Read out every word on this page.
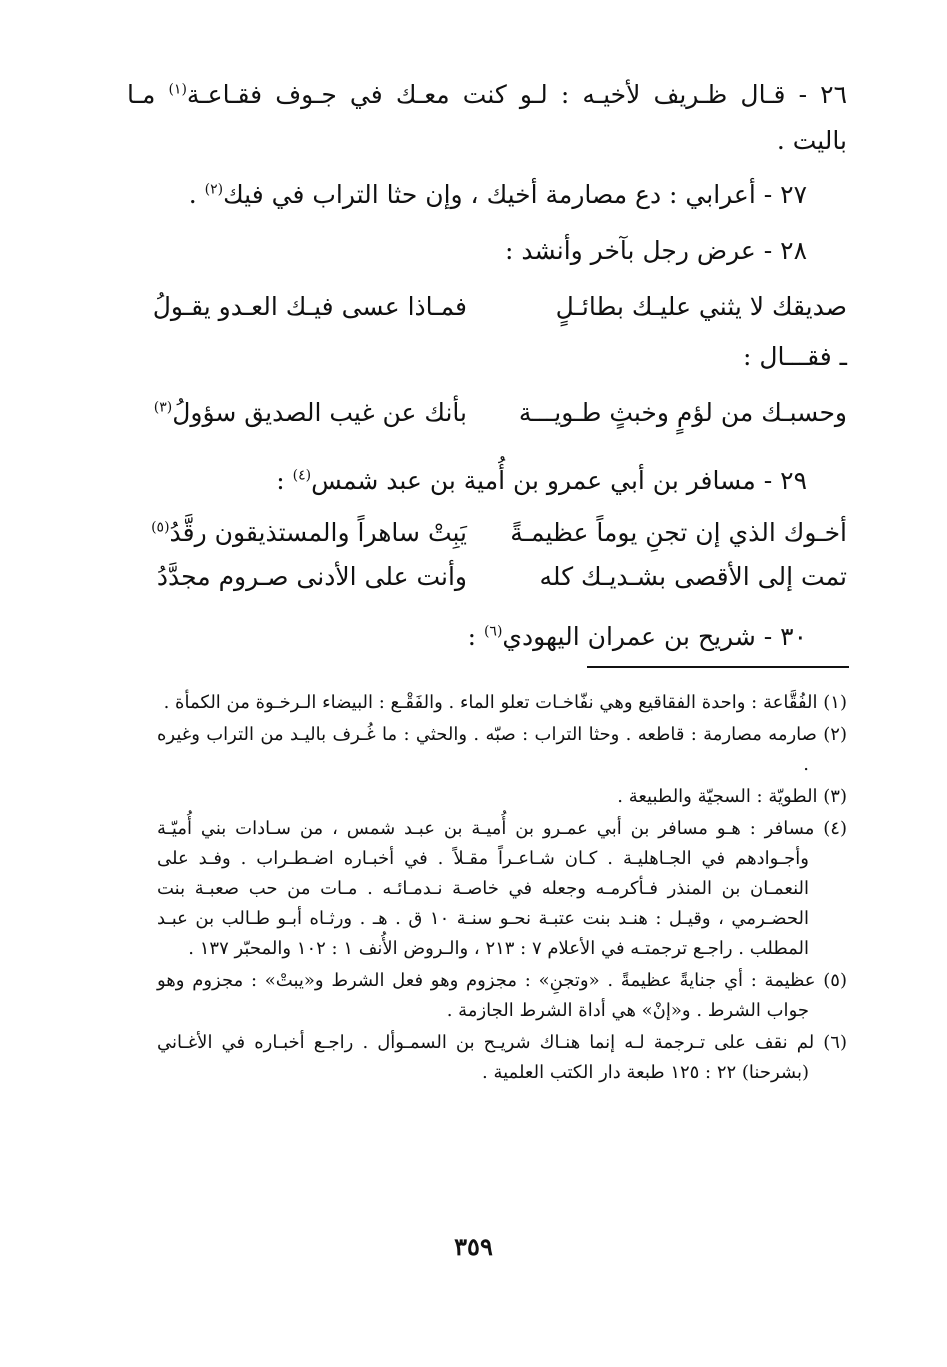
٢٦ - قـال ظـريف لأخيـه : لـو كنت معـك في جـوف فقـاعـة$^{(١)}$ مـا باليت .

٢٧ - أعرابي : دع مصارمة أخيك ، وإن حثا التراب في فيك$^{(٢)}$ .

٢٨ - عرض رجل بآخر وأنشد :

صديقك لا يثني عليـك بطائـلٍ
فمـاذا عسى فيـك العـدو يقـولُ

ـ فقـــال :

وحسبـك من لؤمٍ وخبثٍ طـويـــة
بأنك عن غيب الصديق سؤولُ$^{(٣)}$

٢٩ - مسافر بن أبي عمرو بن أُمية بن عبد شمس$^{(٤)}$ :

أخـوك الذي إن تجنِ يوماً عظيمـةً
يَبِتْ ساهراً والمستذيقون رقَّدُ$^{(٥)}$
تمت إلى الأقصى بشـديـك كله
وأنت على الأدنى صـروم مجدَّدُ

٣٠ - شريح بن عمران اليهودي$^{(٦)}$ :

(١) الفُقَّاعة : واحدة الفقاقيع وهي نفّاخـات تعلو الماء . والفَقْـع : البيضاء الـرخـوة من الكمأة .

(٢) صارمه مصارمة : قاطعه . وحثا التراب : صبّه . والحثي : ما غُـرف باليـد من التراب وغيره .

(٣) الطويّة : السجيّة والطبيعة .

(٤) مسافر : هـو مسافر بن أبي عمـرو بن أُميـة بن عبـد شمس ، من سـادات بني أُميّـة وأجـوادهم في الجـاهليـة . كـان شـاعـراً مقـلاً . في أخبـاره اضـطـراب . وفـد على النعمـان بن المنذر فـأكرمـه وجعله في خاصـة نـدمـائـه . مـات من حب صعبـة بنت الحضـرمي ، وقيـل : هنـد بنت عتبـة نحـو سنـة ١٠ ق . هـ . ورثـاه أبـو طـالب بن عبـد المطلب . راجـع ترجمتـه في الأعلام ٧ : ٢١٣ ، والـروض الأُنف ١ : ١٠٢ والمحبّر ١٣٧ .

(٥) عظيمة : أي جنايةً عظيمةً . «وتجنِ» : مجزوم وهو فعل الشرط و«يبتْ» : مجزوم وهو جواب الشرط . و«إنْ» هي أداة الشرط الجازمة .

(٦) لم نقف على تـرجمة لـه إنما هنـاك شريـح بن السمـوأل . راجـع أخبـاره في الأغـاني (بشرحنا) ٢٢ : ١٢٥ طبعة دار الكتب العلمية .

٣٥٩
